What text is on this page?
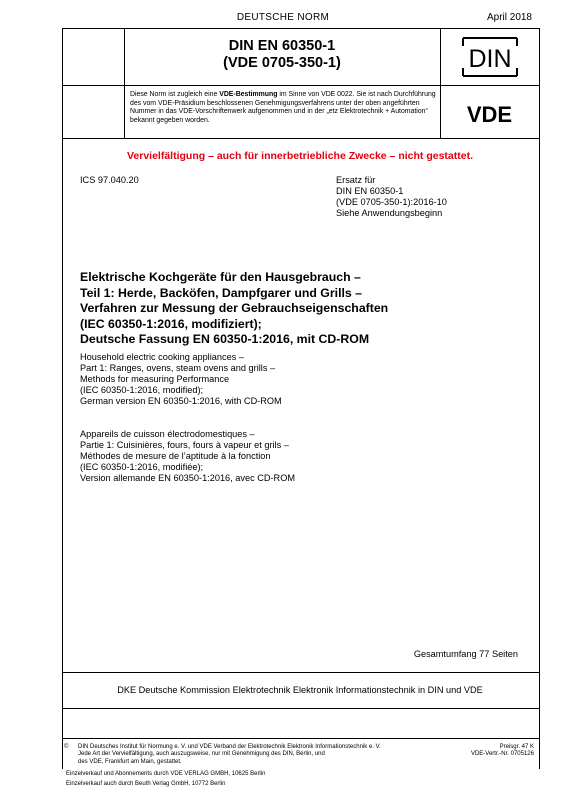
DEUTSCHE NORM	April 2018
DIN EN 60350-1
(VDE 0705-350-1)
Diese Norm ist zugleich eine VDE-Bestimmung im Sinne von VDE 0022. Sie ist nach Durchführung des vom VDE-Präsidium beschlossenen Genehmigungsverfahrens unter der oben angeführten Nummer in das VDE-Vorschriftenwerk aufgenommen und in der „etz Elektrotechnik + Automation“ bekannt gegeben worden.
DIN
VDE
Vervielfältigung – auch für innerbetriebliche Zwecke – nicht gestattet.
ICS 97.040.20	Ersatz für
DIN EN 60350-1
(VDE 0705-350-1):2016-10
Siehe Anwendungsbeginn
Elektrische Kochgeräte für den Hausgebrauch –
Teil 1: Herde, Backöfen, Dampfgarer und Grills –
Verfahren zur Messung der Gebrauchseigenschaften
(IEC 60350-1:2016, modifiziert);
Deutsche Fassung EN 60350-1:2016, mit CD-ROM
Household electric cooking appliances –
Part 1: Ranges, ovens, steam ovens and grills –
Methods for measuring Performance
(IEC 60350-1:2016, modified);
German version EN 60350-1:2016, with CD-ROM
Appareils de cuisson électrodomestiques –
Partie 1: Cuisinières, fours, fours à vapeur et grils –
Méthodes de mesure de l’aptitude à la fonction
(IEC 60350-1:2016, modifiée);
Version allemande EN 60350-1:2016, avec CD-ROM
Gesamtumfang 77 Seiten
DKE Deutsche Kommission Elektrotechnik Elektronik Informationstechnik in DIN und VDE
© DIN Deutsches Institut für Normung e. V. und VDE Verband der Elektrotechnik Elektronik Informationstechnik e. V.
Jede Art der Vervielfältigung, auch auszugsweise, nur mit Genehmigung des DIN, Berlin, und
des VDE, Frankfurt am Main, gestattet.
Preisgr. 47 K
VDE-Vertr.-Nr. 0705126
Einzelverkauf und Abonnements durch VDE VERLAG GMBH, 10625 Berlin
Einzelverkauf auch durch Beuth Verlag GmbH, 10772 Berlin
